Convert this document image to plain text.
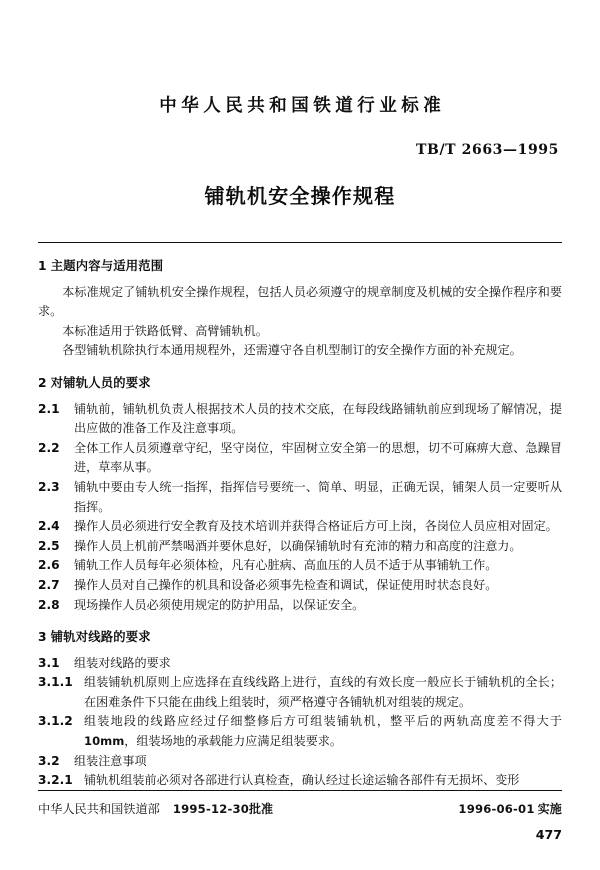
中华人民共和国铁道行业标准
TB/T 2663—1995
铺轨机安全操作规程
1 主题内容与适用范围

本标准规定了铺轨机安全操作规程，包括人员必须遵守的规章制度及机械的安全操作程序和要求。

本标准适用于铁路低臂、高臂铺轨机。

各型铺轨机除执行本通用规程外，还需遵守各自机型制订的安全操作方面的补充规定。

2 对铺轨人员的要求
2.1	铺轨前，铺轨机负责人根据技术人员的技术交底，在每段线路铺轨前应到现场了解情况，提出应做的准备工作及注意事项。
2.2	全体工作人员须遵章守纪，坚守岗位，牢固树立安全第一的思想，切不可麻痹大意、急躁冒进，草率从事。
2.3	铺轨中要由专人统一指挥，指挥信号要统一、简单、明显，正确无误，铺架人员一定要听从指挥。
2.4	操作人员必须进行安全教育及技术培训并获得合格证后方可上岗，各岗位人员应相对固定。
2.5	操作人员上机前严禁喝酒并要休息好，以确保铺轨时有充沛的精力和高度的注意力。
2.6	铺轨工作人员每年必须体检，凡有心脏病、高血压的人员不适于从事铺轨工作。
2.7	操作人员对自己操作的机具和设备必须事先检查和调试，保证使用时状态良好。
2.8	现场操作人员必须使用规定的防护用品，以保证安全。
3 铺轨对线路的要求
3.1	组装对线路的要求
3.1.1 组装铺轨机原则上应选择在直线线路上进行，直线的有效长度一般应长于铺轨机的全长；在困难条件下只能在曲线上组装时，须严格遵守各铺轨机对组装的规定。
3.1.2 组装地段的线路应经过仔细整修后方可组装铺轨机，整平后的两轨高度差不得大于 10mm，组装场地的承载能力应满足组装要求。
3.2	组装注意事项
3.2.1 铺轨机组装前必须对各部进行认真检查，确认经过长途运输各部件有无损坏、变形
中华人民共和国铁道部 1995-12-30 批准	1996-06-01 实施
477
